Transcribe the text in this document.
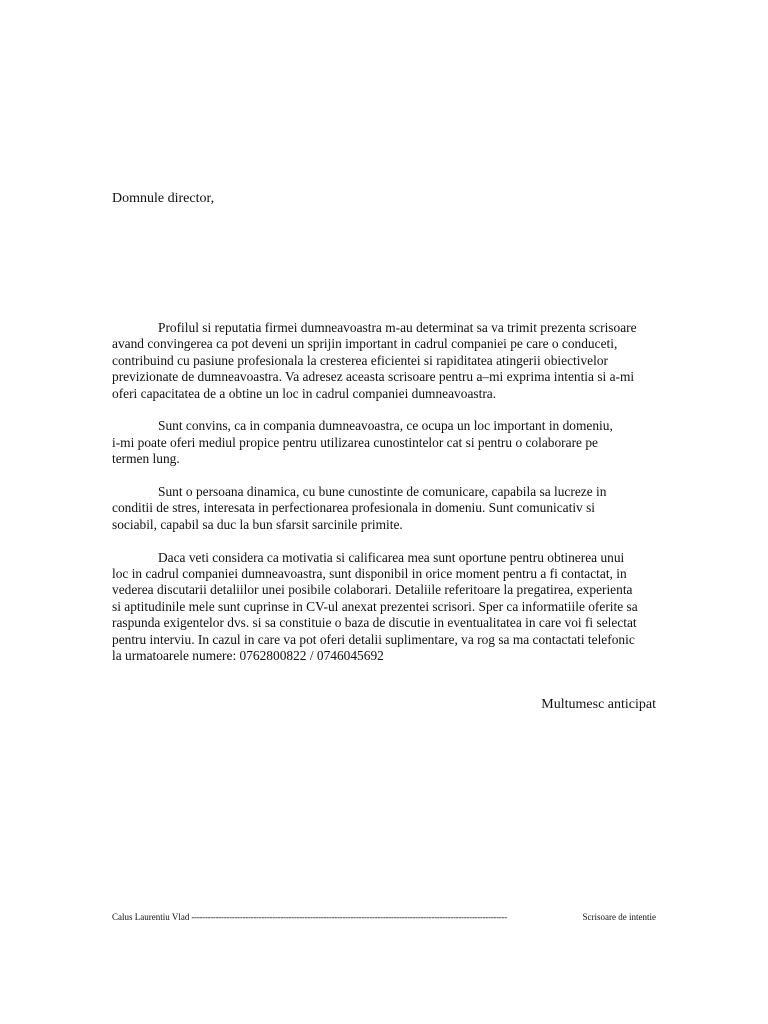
Domnule director,

Profilul si reputatia firmei dumneavoastra m-au determinat sa va trimit prezenta scrisoare
avand convingerea ca pot deveni un sprijin important in cadrul companiei pe care o conduceti,
contribuind cu pasiune profesionala la cresterea eficientei si rapiditatea atingerii obiectivelor
previzionate de dumneavoastra. Va adresez aceasta scrisoare pentru a–mi exprima intentia si a-mi
oferi capacitatea de a obtine un loc in cadrul companiei dumneavoastra.

Sunt convins, ca in compania dumneavoastra, ce ocupa un loc important in domeniu,
i-mi poate oferi mediul propice pentru utilizarea cunostintelor cat si pentru o colaborare pe
termen lung.

Sunt o persoana dinamica, cu bune cunostinte de comunicare, capabila sa lucreze in
conditii de stres, interesata in perfectionarea profesionala in domeniu. Sunt comunicativ si
sociabil, capabil sa duc la bun sfarsit sarcinile primite.

Daca veti considera ca motivatia si calificarea mea sunt oportune pentru obtinerea unui
loc in cadrul companiei dumneavoastra, sunt disponibil in orice moment pentru a fi contactat, in
vederea discutarii detaliilor unei posibile colaborari. Detaliile referitoare la pregatirea, experienta
si aptitudinile mele sunt cuprinse in CV-ul anexat prezentei scrisori. Sper ca informatiile oferite sa
raspunda exigentelor dvs. si sa constituie o baza de discutie in eventualitatea in care voi fi selectat
pentru interviu. In cazul in care va pot oferi detalii suplimentare, va rog sa ma contactati telefonic
la urmatoarele numere: 0762800822 / 0746045692

Multumesc anticipat

Calus Laurentiu Vlad ---------------------------------------------------------------------------------------------------------------------	Scrisoare de intentie
